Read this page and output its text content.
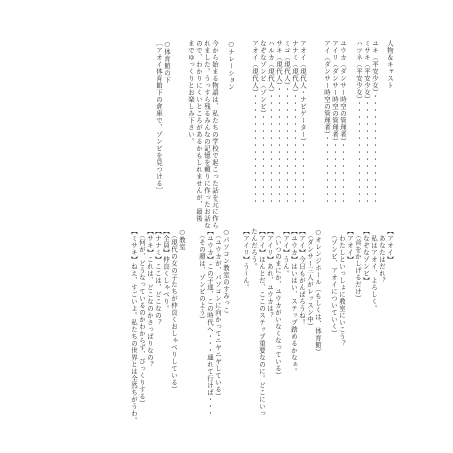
人物＆キャスト
ユキ（平安少女）・・・・・・・・・・・・・・・・
ミサキ（平安少女）・・・・・・・・・・・・・・・
ハツネ（平安少女）・・・・・・・・・・・・・・・
ユウカ（ダンサー時空の管理者）・・・・・・・・・
アイリ（ダンサー時空の管理者）・・・・・・・・・
アイ（ダンサー時空の管理者）・・・・・・・・・・
アオイ（現代人・ナビゲーター）・・・・・・・・・
ナナミ（現代人）・・・・・・・・・・・・・・・・
ミコ（現代人）・・・・・・・・・・・・・・・・・
サキ（現代人）・・・・・・・・・・・・・・・・・
ハルカ（現代人）・・・・・・・・・・・・・・・・
なぞなゾンビ（ゾンビ）・・・・・・・・・・・・・
アオイ（現代人）・・・・・・・・・・・・・・・・
○ナレーション
今から始まる物語は、私たちの学校で起こった話を元に作ら
れました。うっすら残るみんなの記憶を頼りに作ったお話な
ので、わかりにくいところがあるかもしれませんが、最後
までゆっくりとお楽しみ下さい。
○体育館の下
［アオイ体育館下の倉庫で、ゾンビを見つける］
【アオイ】
　あなたはだれ？
　私はアオイ、よろしく。
【なぞなゾンビ】
　（首をかしげるだけ）
【アオイ】
　わたしといっしょに教室にいこう？
　（ゾンビ、アオイについていく）
○オレンジホール（もしくは、体育館）
　（ダンサー三人がレッスン中）
【アイ】今日もがんばろうね！
【ユウカ】はいはい、ステップ踏めるかなぁ。
【アイ】うん。
　（いつのまにか、ユウカがいなくなっている）
【アイリ】あれ、ユウカは？
【アイ】ほんとだ、ここのステップ重要なのに。どこにいっ
たんだろう。
【アイリ】う～ん。
○パソコン教室のすみっこ
　（ユウカが、パソコンに向かってニヤニヤしている）
【ユウカ】この子達、この時代へ・・・連れて行けば・・・
　（その顔は、ゾンビのよう）
○教室
　（現代の女の子たちが仲良くおしゃべりしている）
【全員】仲良くしゃべり。
【ナナミ】ここは、どこなの？
【サキ】これは、どこなのかさっぱりなの？
　（何が、どうなっているのかわからず、びっくりする）
【ミサキ】ねえ、すごいよ。私たちの世界とは全然ちがうわ。
